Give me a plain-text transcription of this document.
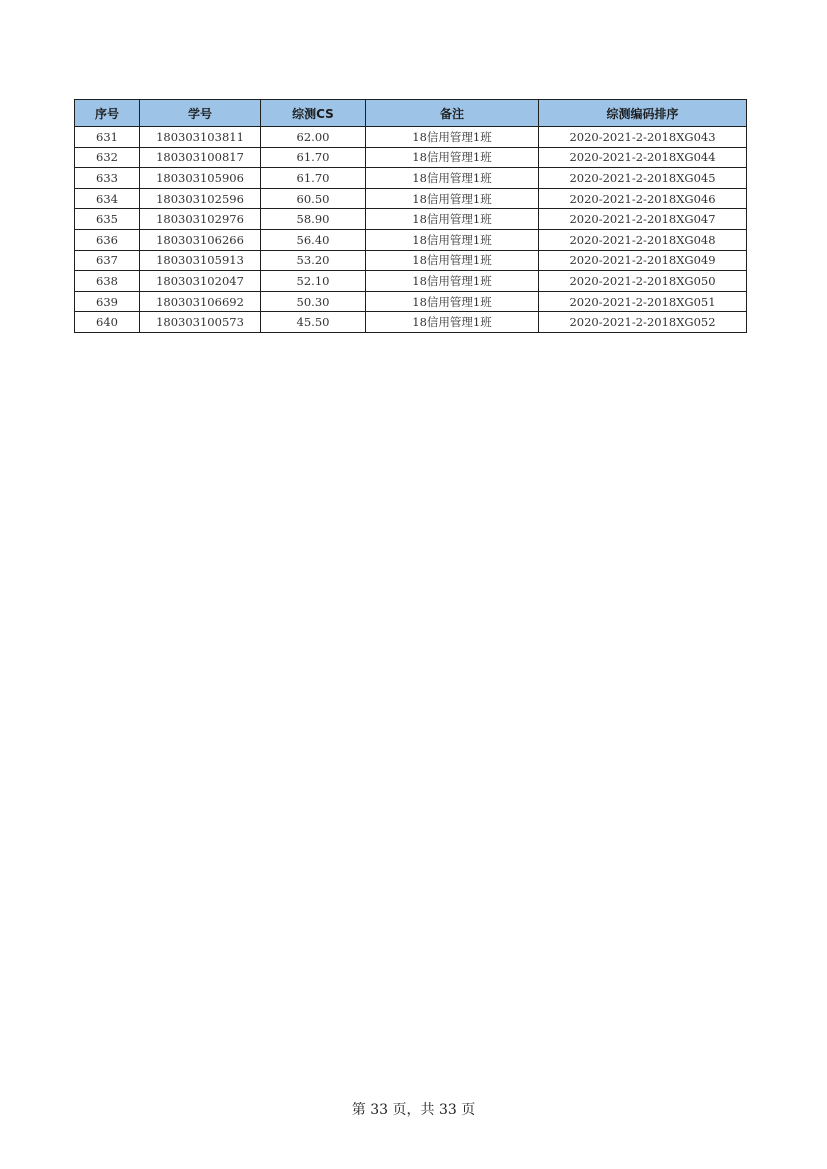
序号	学号	综测CS	备注	综测编码排序
631	180303103811	62.00	18信用管理1班	2020-2021-2-2018XG043
632	180303100817	61.70	18信用管理1班	2020-2021-2-2018XG044
633	180303105906	61.70	18信用管理1班	2020-2021-2-2018XG045
634	180303102596	60.50	18信用管理1班	2020-2021-2-2018XG046
635	180303102976	58.90	18信用管理1班	2020-2021-2-2018XG047
636	180303106266	56.40	18信用管理1班	2020-2021-2-2018XG048
637	180303105913	53.20	18信用管理1班	2020-2021-2-2018XG049
638	180303102047	52.10	18信用管理1班	2020-2021-2-2018XG050
639	180303106692	50.30	18信用管理1班	2020-2021-2-2018XG051
640	180303100573	45.50	18信用管理1班	2020-2021-2-2018XG052
第 33 页，共 33 页
